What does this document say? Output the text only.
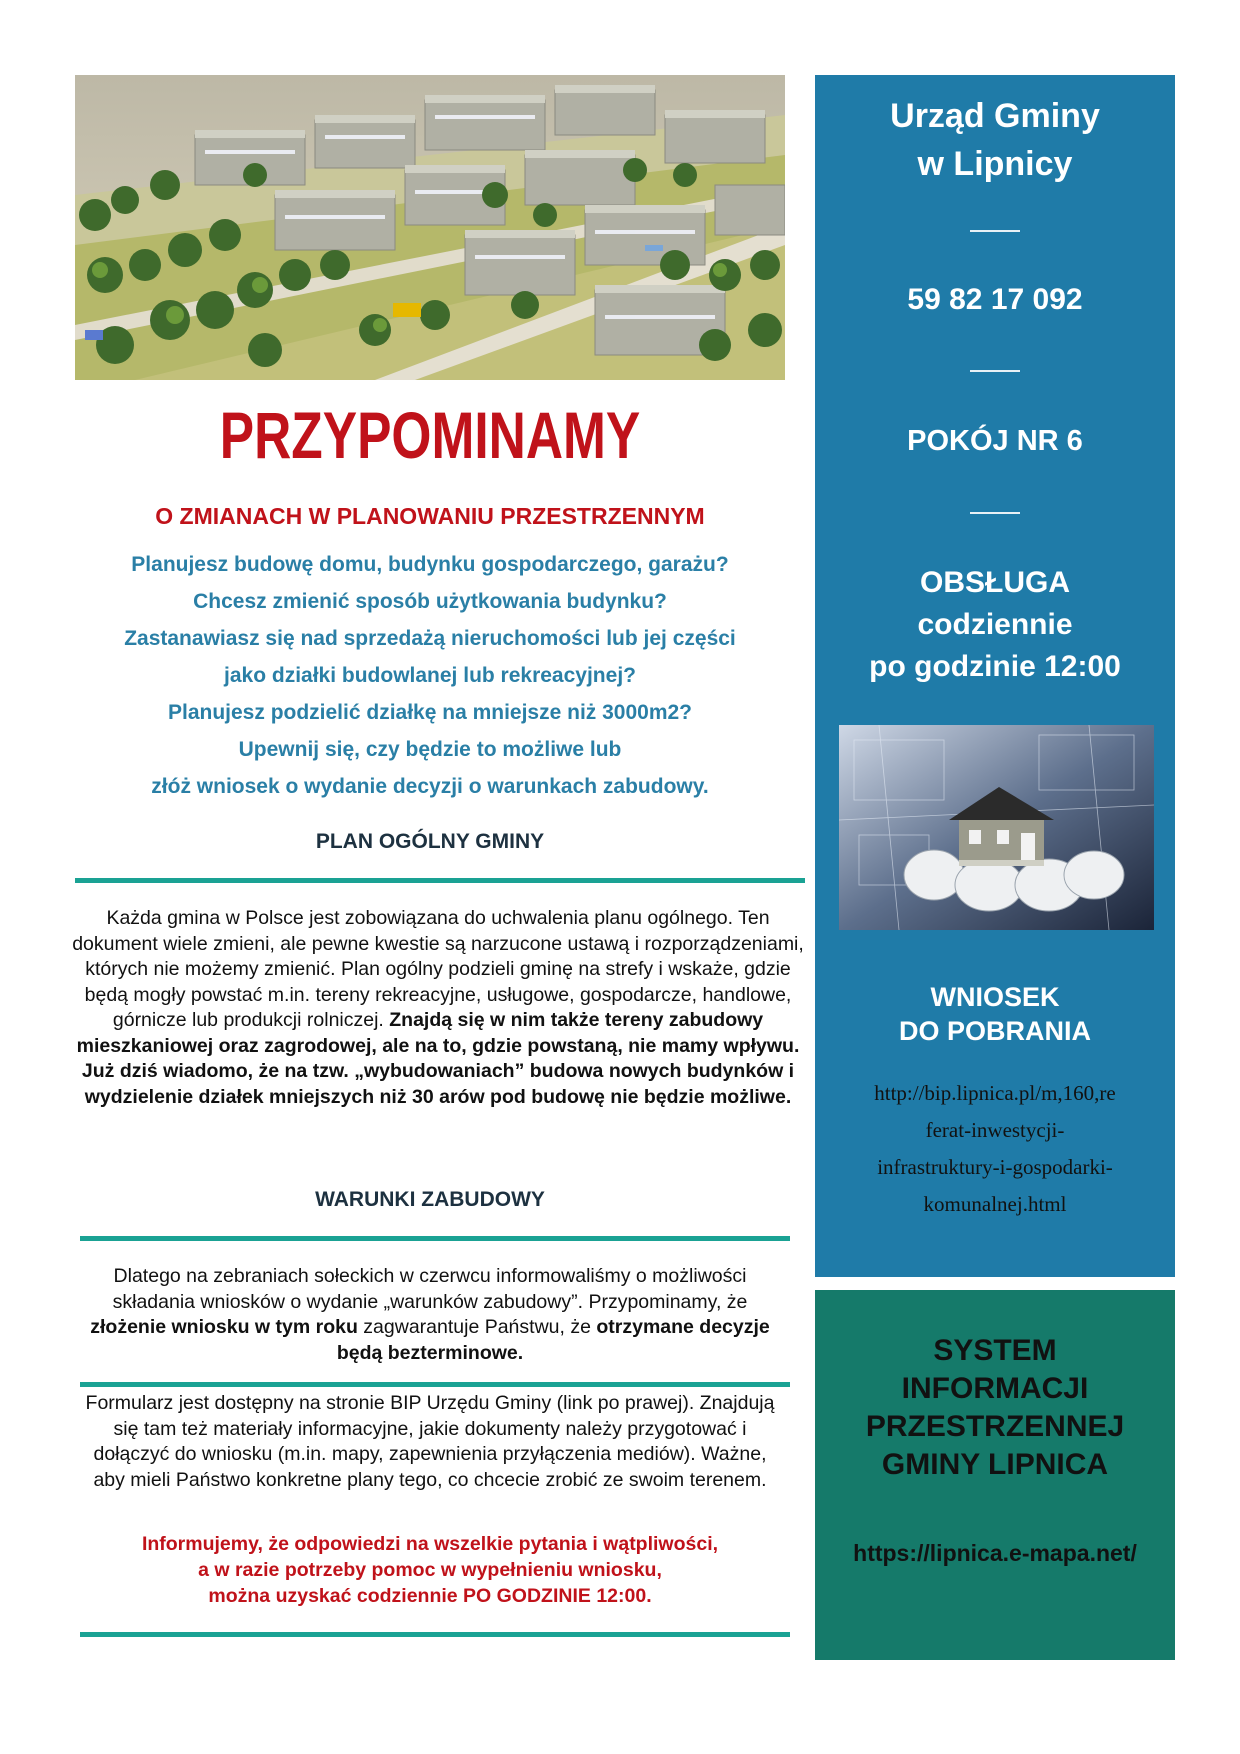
PRZYPOMINAMY
O ZMIANACH W PLANOWANIU PRZESTRZENNYM
Planujesz budowę domu, budynku gospodarczego, garażu?
Chcesz zmienić sposób użytkowania budynku?
Zastanawiasz się nad sprzedażą nieruchomości lub jej części
jako działki budowlanej lub rekreacyjnej?
Planujesz podzielić działkę na mniejsze niż 3000m2?
Upewnij się, czy będzie to możliwe lub
złóż wniosek o wydanie decyzji o warunkach zabudowy.
PLAN OGÓLNY GMINY
Każda gmina w Polsce jest zobowiązana do uchwalenia planu ogólnego. Ten dokument wiele zmieni, ale pewne kwestie są narzucone ustawą i rozporządzeniami, których nie możemy zmienić. Plan ogólny podzieli gminę na strefy i wskaże, gdzie będą mogły powstać m.in. tereny rekreacyjne, usługowe, gospodarcze, handlowe, górnicze lub produkcji rolniczej. Znajdą się w nim także tereny zabudowy mieszkaniowej oraz zagrodowej, ale na to, gdzie powstaną, nie mamy wpływu. Już dziś wiadomo, że na tzw. „wybudowaniach” budowa nowych budynków i wydzielenie działek mniejszych niż 30 arów pod budowę nie będzie możliwe.
WARUNKI ZABUDOWY
Dlatego na zebraniach sołeckich w czerwcu informowaliśmy o możliwości składania wniosków o wydanie „warunków zabudowy”. Przypominamy, że złożenie wniosku w tym roku zagwarantuje Państwu, że otrzymane decyzje będą bezterminowe.
Formularz jest dostępny na stronie BIP Urzędu Gminy (link po prawej). Znajdują się tam też materiały informacyjne, jakie dokumenty należy przygotować i dołączyć do wniosku (m.in. mapy, zapewnienia przyłączenia mediów). Ważne, aby mieli Państwo konkretne plany tego, co chcecie zrobić ze swoim terenem.
Informujemy, że odpowiedzi na wszelkie pytania i wątpliwości,
a w razie potrzeby pomoc w wypełnieniu wniosku,
można uzyskać codziennie PO GODZINIE 12:00.
Urząd Gminy
w Lipnicy
59 82 17 092
POKÓJ NR 6
OBSŁUGA
codziennie
po godzinie 12:00
WNIOSEK
DO POBRANIA
http://bip.lipnica.pl/m,160,re
ferat-inwestycji-
infrastruktury-i-gospodarki-
komunalnej.html
SYSTEM
INFORMACJI
PRZESTRZENNEJ
GMINY LIPNICA
https://lipnica.e-mapa.net/
